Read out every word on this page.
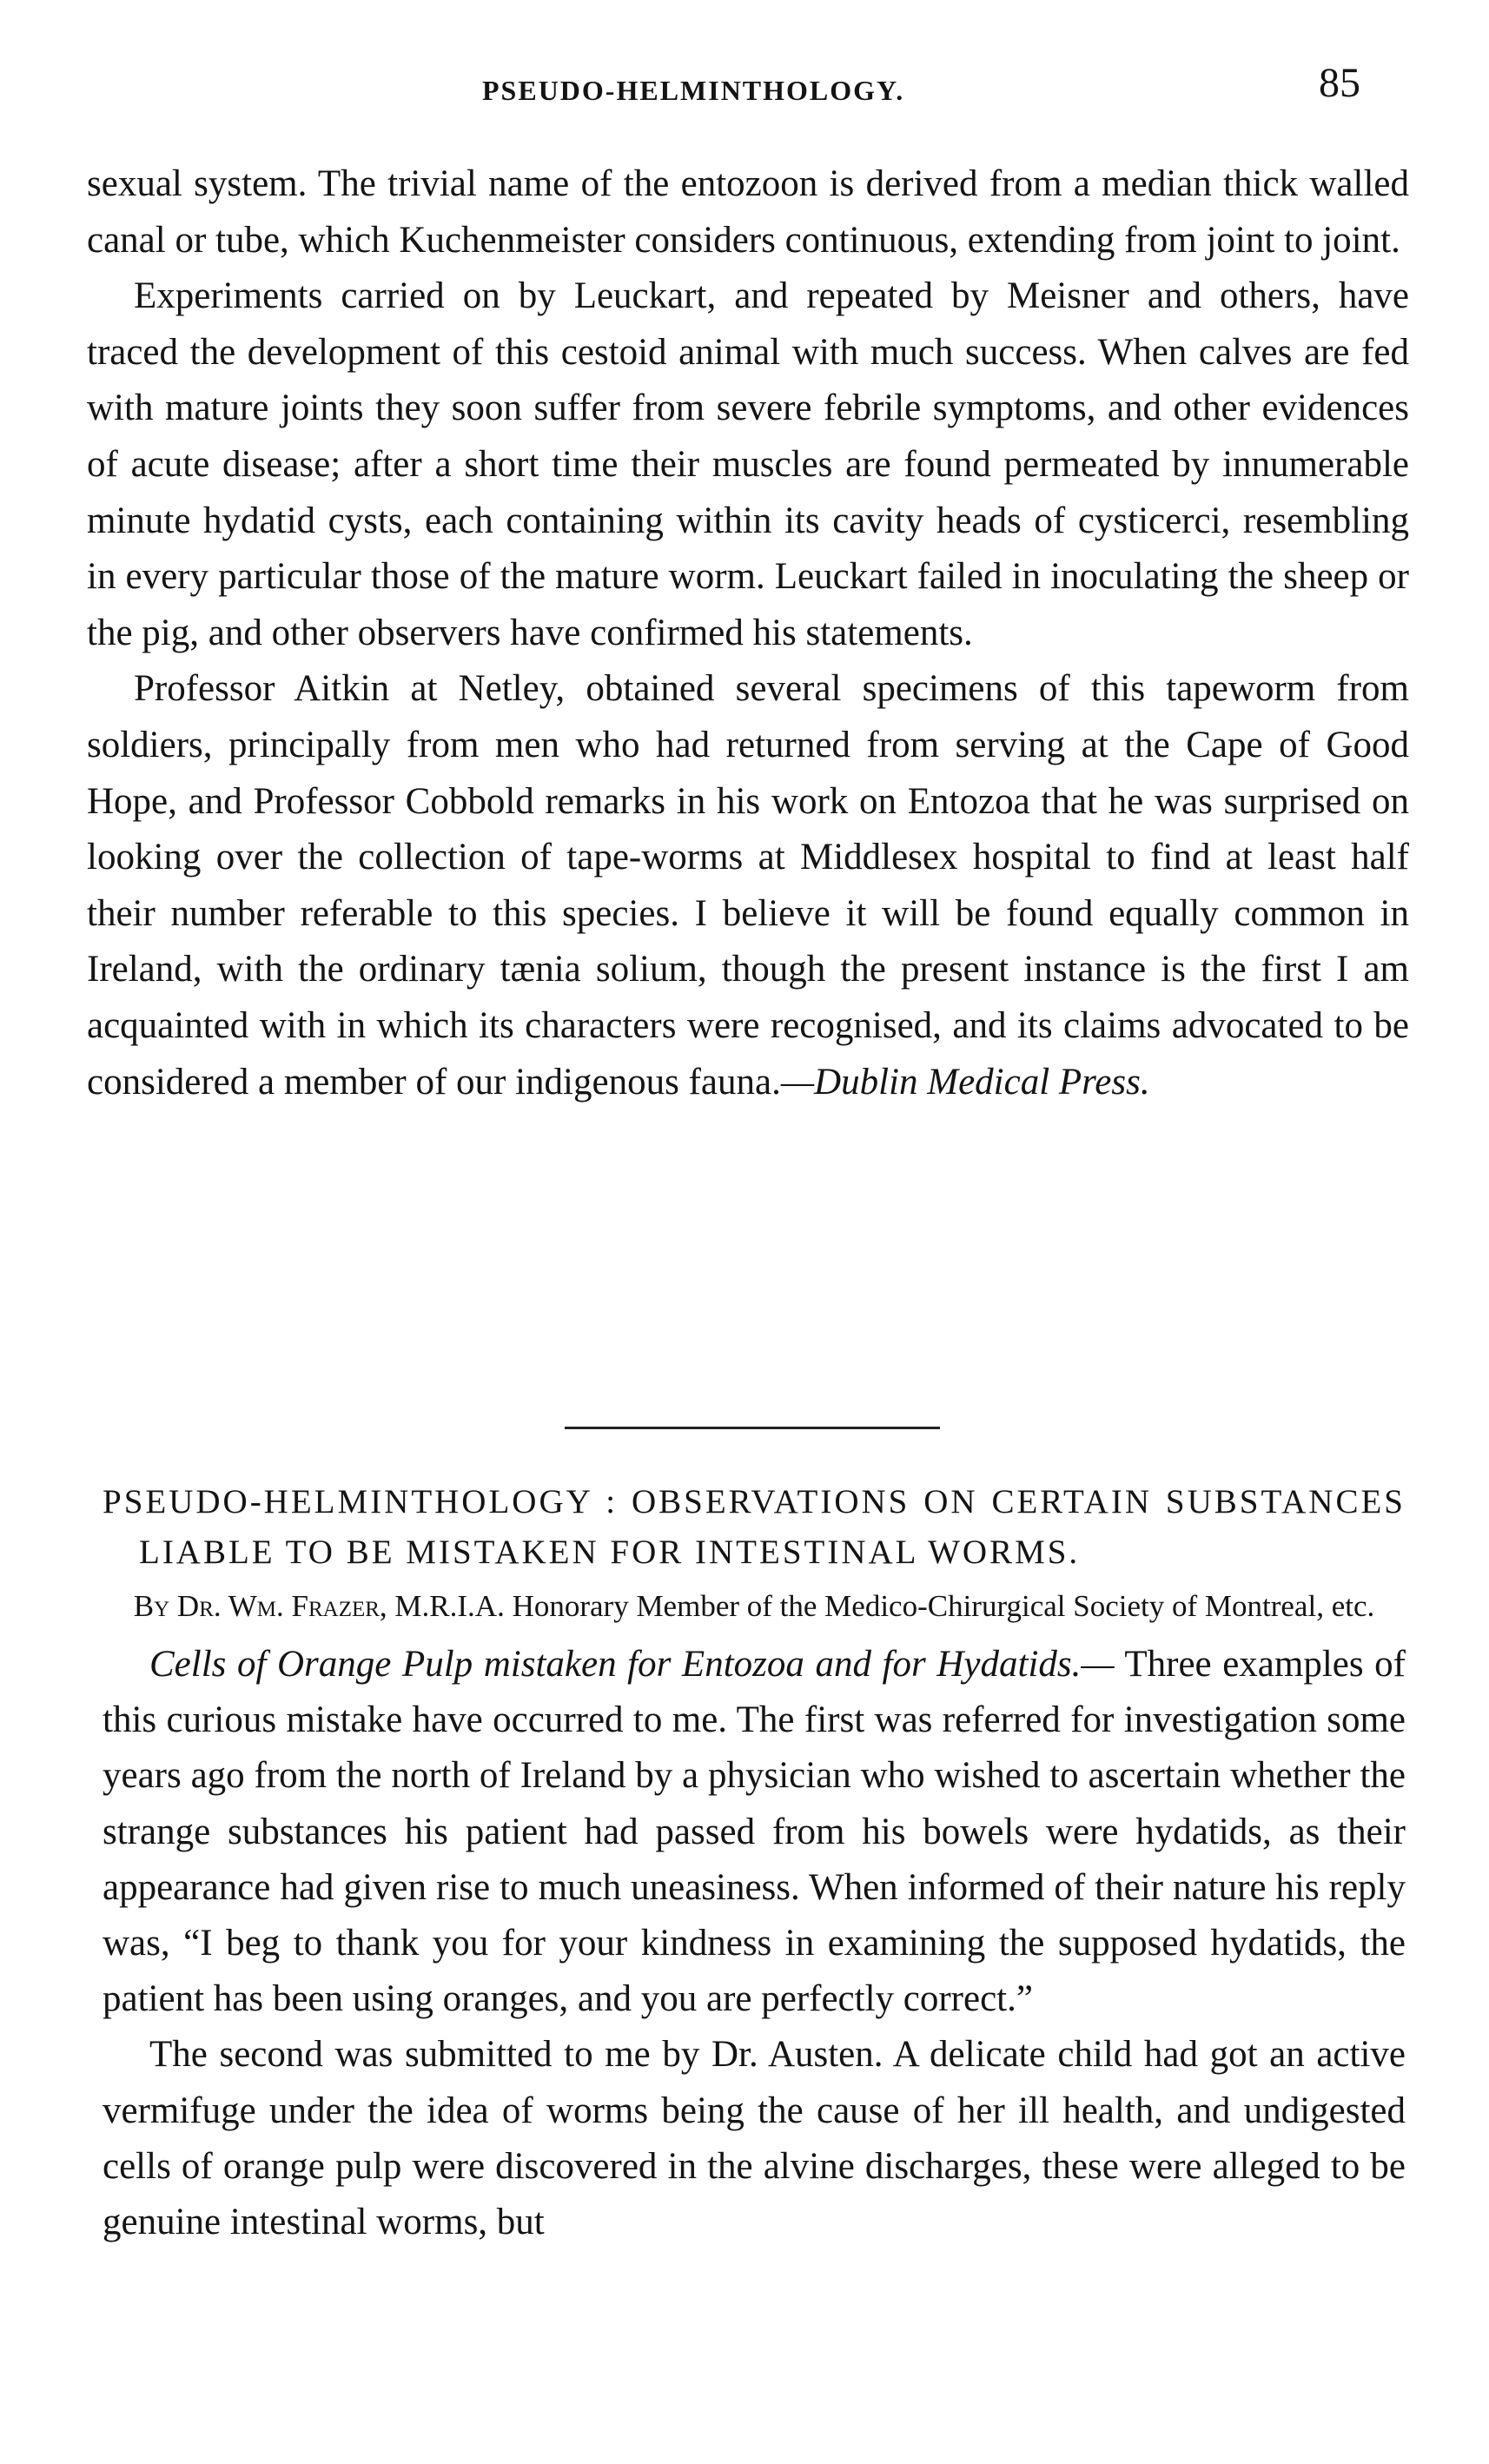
PSEUDO-HELMINTHOLOGY.	85

sexual system. The trivial name of the entozoon is derived from a median thick walled canal or tube, which Kuchenmeister considers continuous, extending from joint to joint.

Experiments carried on by Leuckart, and repeated by Meisner and others, have traced the development of this cestoid animal with much success. When calves are fed with mature joints they soon suffer from severe febrile symptoms, and other evidences of acute disease; after a short time their muscles are found permeated by innumerable minute hydatid cysts, each containing within its cavity heads of cysticerci, resembling in every particular those of the mature worm. Leuckart failed in inoculating the sheep or the pig, and other observers have confirmed his statements.

Professor Aitkin at Netley, obtained several specimens of this tapeworm from soldiers, principally from men who had returned from serving at the Cape of Good Hope, and Professor Cobbold remarks in his work on Entozoa that he was surprised on looking over the collection of tape-worms at Middlesex hospital to find at least half their number referable to this species. I believe it will be found equally common in Ireland, with the ordinary tænia solium, though the present instance is the first I am acquainted with in which its characters were recognised, and its claims advocated to be considered a member of our indigenous fauna.—Dublin Medical Press.

PSEUDO-HELMINTHOLOGY : OBSERVATIONS ON CERTAIN SUBSTANCES LIABLE TO BE MISTAKEN FOR INTESTINAL WORMS.

By Dr. Wm. Frazer, M.R.I.A. Honorary Member of the Medico-Chirurgical Society of Montreal, etc.

Cells of Orange Pulp mistaken for Entozoa and for Hydatids.— Three examples of this curious mistake have occurred to me. The first was referred for investigation some years ago from the north of Ireland by a physician who wished to ascertain whether the strange substances his patient had passed from his bowels were hydatids, as their appearance had given rise to much uneasiness. When informed of their nature his reply was, “I beg to thank you for your kindness in examining the supposed hydatids, the patient has been using oranges, and you are perfectly correct.”

The second was submitted to me by Dr. Austen. A delicate child had got an active vermifuge under the idea of worms being the cause of her ill health, and undigested cells of orange pulp were discovered in the alvine discharges, these were alleged to be genuine intestinal worms, but
